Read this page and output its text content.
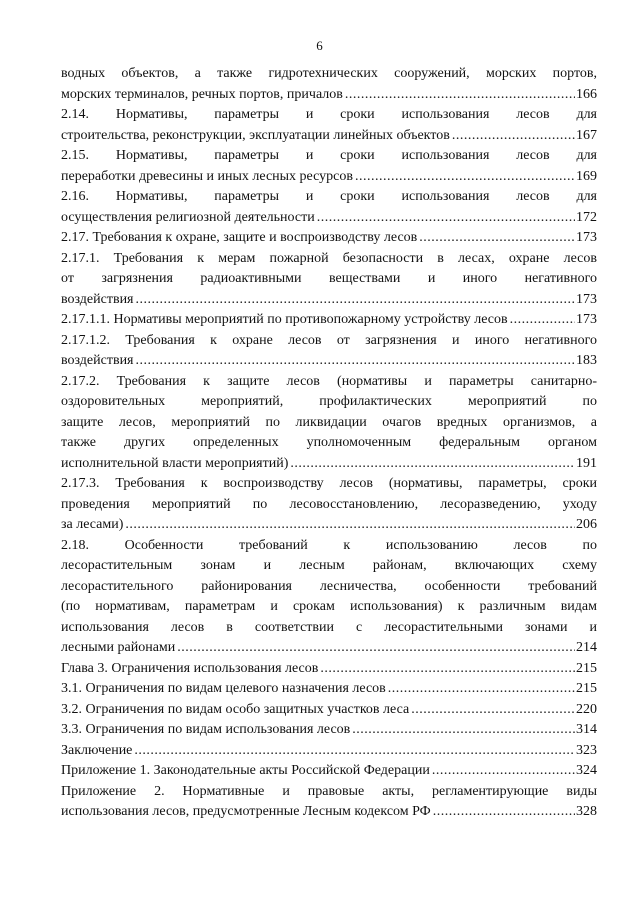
6
водных объектов, а также гидротехнических сооружений, морских портов,
морских терминалов, речных портов, причалов .....	166
2.14. Нормативы, параметры и сроки использования лесов для
строительства, реконструкции, эксплуатации линейных объектов .....	167
2.15. Нормативы, параметры и сроки использования лесов для
переработки древесины и иных лесных ресурсов .....	169
2.16. Нормативы, параметры и сроки использования лесов для
осуществления религиозной деятельности .....	172
2.17. Требования к охране, защите и воспроизводству лесов .....	173
2.17.1. Требования к мерам пожарной безопасности в лесах, охране лесов
от загрязнения радиоактивными веществами и иного негативного
воздействия .....	173
2.17.1.1. Нормативы мероприятий по противопожарному устройству лесов .....	173
2.17.1.2. Требования к охране лесов от загрязнения и иного негативного
воздействия .....	183
2.17.2. Требования к защите лесов (нормативы и параметры санитарно-
оздоровительных мероприятий, профилактических мероприятий по
защите лесов, мероприятий по ликвидации очагов вредных организмов, а
также других определенных уполномоченным федеральным органом
исполнительной власти мероприятий) .....	191
2.17.3. Требования к воспроизводству лесов (нормативы, параметры, сроки
проведения мероприятий по лесовосстановлению, лесоразведению, уходу
за лесами) .....	206
2.18. Особенности требований к использованию лесов по
лесорастительным зонам и лесным районам, включающих схему
лесорастительного районирования лесничества, особенности требований
(по нормативам, параметрам и срокам использования) к различным видам
использования лесов в соответствии с лесорастительными зонами и
лесными районами .....	214
Глава 3. Ограничения использования лесов .....	215
3.1. Ограничения по видам целевого назначения лесов .....	215
3.2. Ограничения по видам особо защитных участков леса .....	220
3.3. Ограничения по видам использования лесов .....	314
Заключение .....	323
Приложение 1. Законодательные акты Российской Федерации .....	324
Приложение 2. Нормативные и правовые акты, регламентирующие виды
использования лесов, предусмотренные Лесным кодексом РФ .....	328
